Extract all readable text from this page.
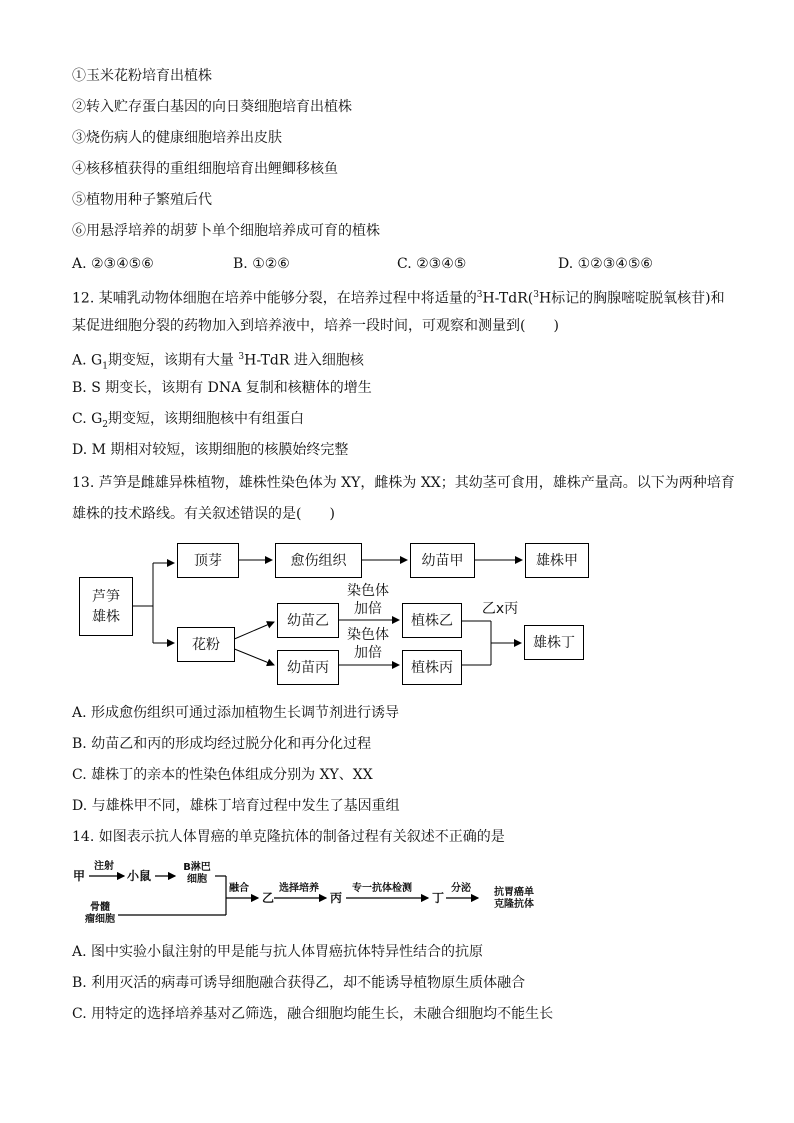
①玉米花粉培育出植株
②转入贮存蛋白基因的向日葵细胞培育出植株
③烧伤病人的健康细胞培养出皮肤
④核移植获得的重组细胞培育出鲤鲫移核鱼
⑤植物用种子繁殖后代
⑥用悬浮培养的胡萝卜单个细胞培养成可育的植株
A. ②③④⑤⑥	B. ①②⑥	C. ②③④⑤	D. ①②③④⑤⑥
12. 某哺乳动物体细胞在培养中能够分裂，在培养过程中将适量的$^3$H-TdR($^3$H标记的胸腺嘧啶脱氧核苷)和
某促进细胞分裂的药物加入到培养液中，培养一段时间，可观察和测量到(　　)
A. $G_1$期变短，该期有大量 $^3$H-TdR 进入细胞核
B. S 期变长，该期有 DNA 复制和核糖体的增生
C. $G_2$期变短，该期细胞核中有组蛋白
D. M 期相对较短，该期细胞的核膜始终完整
13. 芦笋是雌雄异株植物，雄株性染色体为 XY，雌株为 XX；其幼茎可食用，雄株产量高。以下为两种培育
雄株的技术路线。有关叙述错误的是(　　)
芦笋
雄株
顶芽	愈伤组织	幼苗甲	雄株甲
花粉
幼苗乙
幼苗丙
植株乙
植株丙
雄株丁
染色体
加倍
染色体
加倍
乙x丙
A. 形成愈伤组织可通过添加植物生长调节剂进行诱导
B. 幼苗乙和丙的形成均经过脱分化和再分化过程
C. 雄株丁的亲本的性染色体组成分别为 XY、XX
D. 与雄株甲不同，雄株丁培育过程中发生了基因重组
14. 如图表示抗人体胃癌的单克隆抗体的制备过程有关叙述不正确的是
甲
注射
小鼠
B淋巴
细胞
骨髓
瘤细胞
融合
乙
选择培养
丙
专一抗体检测
丁
分泌	抗胃癌单
克隆抗体
A. 图中实验小鼠注射的甲是能与抗人体胃癌抗体特异性结合的抗原
B. 利用灭活的病毒可诱导细胞融合获得乙，却不能诱导植物原生质体融合
C. 用特定的选择培养基对乙筛选，融合细胞均能生长，未融合细胞均不能生长
